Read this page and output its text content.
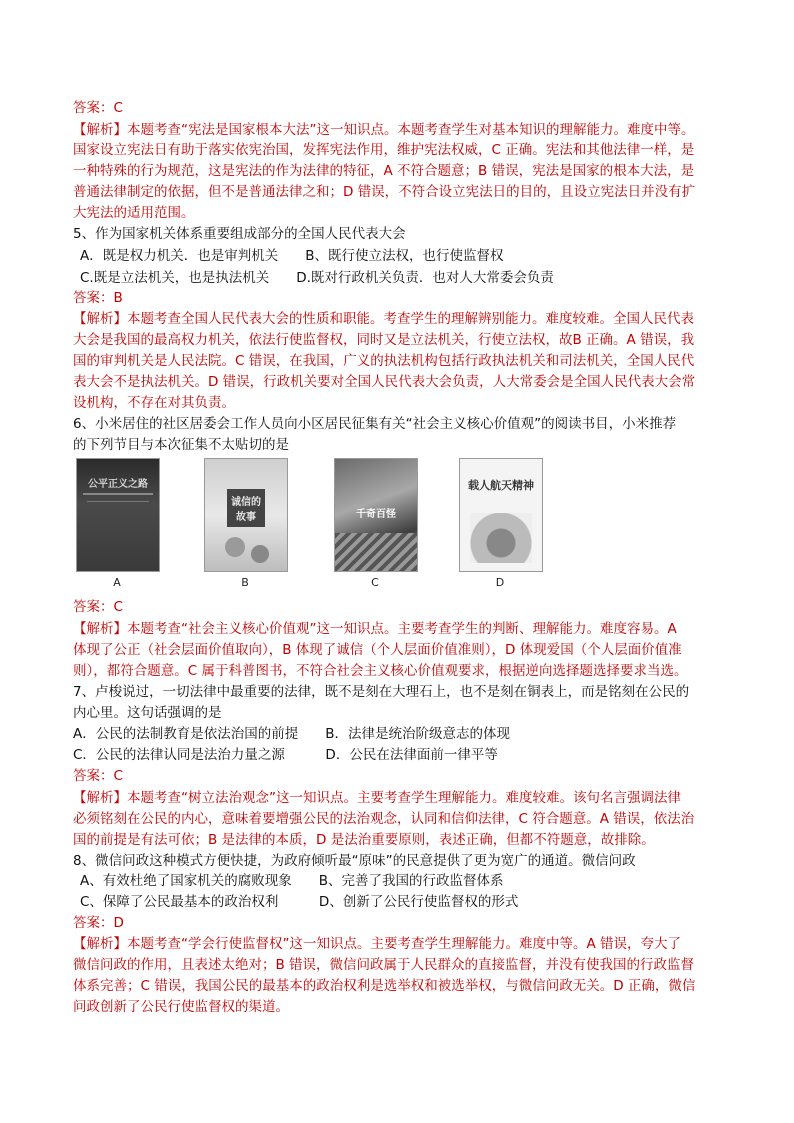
答案：C
【解析】本题考查“宪法是国家根本大法”这一知识点。本题考查学生对基本知识的理解能力。难度中等。
国家设立宪法日有助于落实依宪治国，发挥宪法作用，维护宪法权威，C 正确。宪法和其他法律一样，是
一种特殊的行为规范，这是宪法的作为法律的特征，A 不符合题意；B 错误，宪法是国家的根本大法，是
普通法律制定的依据，但不是普通法律之和；D 错误，不符合设立宪法日的目的，且设立宪法日并没有扩
大宪法的适用范围。
5、作为国家机关体系重要组成部分的全国人民代表大会
A．既是权力机关．也是审判机关　　B、既行使立法权，也行使监督权
C.既是立法机关，也是执法机关　　D.既对行政机关负责．也对人大常委会负责
答案：B
【解析】本题考查全国人民代表大会的性质和职能。考查学生的理解辨别能力。难度较难。全国人民代表
大会是我国的最高权力机关，依法行使监督权，同时又是立法机关，行使立法权，故B 正确。A 错误，我
国的审判机关是人民法院。C 错误，在我国，广义的执法机构包括行政执法机关和司法机关，全国人民代
表大会不是执法机关。D 错误，行政机关要对全国人民代表大会负责，人大常委会是全国人民代表大会常
设机构，不存在对其负责。
6、小米居住的社区居委会工作人员向小区居民征集有关“社会主义核心价值观”的阅读书目，小米推荐
的下列节目与本次征集不太贴切的是
公平正义之路
A
诚信的故事
B
千奇百怪
C
载人航天精神
D
答案：C
【解析】本题考查“社会主义核心价值观”这一知识点。主要考查学生的判断、理解能力。难度容易。A
体现了公正（社会层面价值取向），B 体现了诚信（个人层面价值准则），D 体现爱国（个人层面价值准
则），都符合题意。C 属于科普图书，不符合社会主义核心价值观要求，根据逆向选择题选择要求当选。
7、卢梭说过，一切法律中最重要的法律，既不是刻在大理石上，也不是刻在铜表上，而是铭刻在公民的
内心里。这句话强调的是
A．公民的法制教育是依法治国的前提　　B．法律是统治阶级意志的体现
C．公民的法律认同是法治力量之源　　　D．公民在法律面前一律平等
答案：C
【解析】本题考查“树立法治观念”这一知识点。主要考查学生理解能力。难度较难。该句名言强调法律
必须铭刻在公民的内心，意味着要增强公民的法治观念，认同和信仰法律，C 符合题意。A 错误，依法治
国的前提是有法可依；B 是法律的本质，D 是法治重要原则，表述正确，但都不符题意，故排除。
8、微信问政这种模式方便快捷，为政府倾听最“原味”的民意提供了更为宽广的通道。微信问政
A、有效杜绝了国家机关的腐败现象　　B、完善了我国的行政监督体系
C、保障了公民最基本的政治权利　　　D、创新了公民行使监督权的形式
答案：D
【解析】本题考查“学会行使监督权”这一知识点。主要考查学生理解能力。难度中等。A 错误，夸大了
微信问政的作用，且表述太绝对；B 错误，微信问政属于人民群众的直接监督，并没有使我国的行政监督
体系完善；C 错误，我国公民的最基本的政治权利是选举权和被选举权，与微信问政无关。D 正确，微信
问政创新了公民行使监督权的渠道。
